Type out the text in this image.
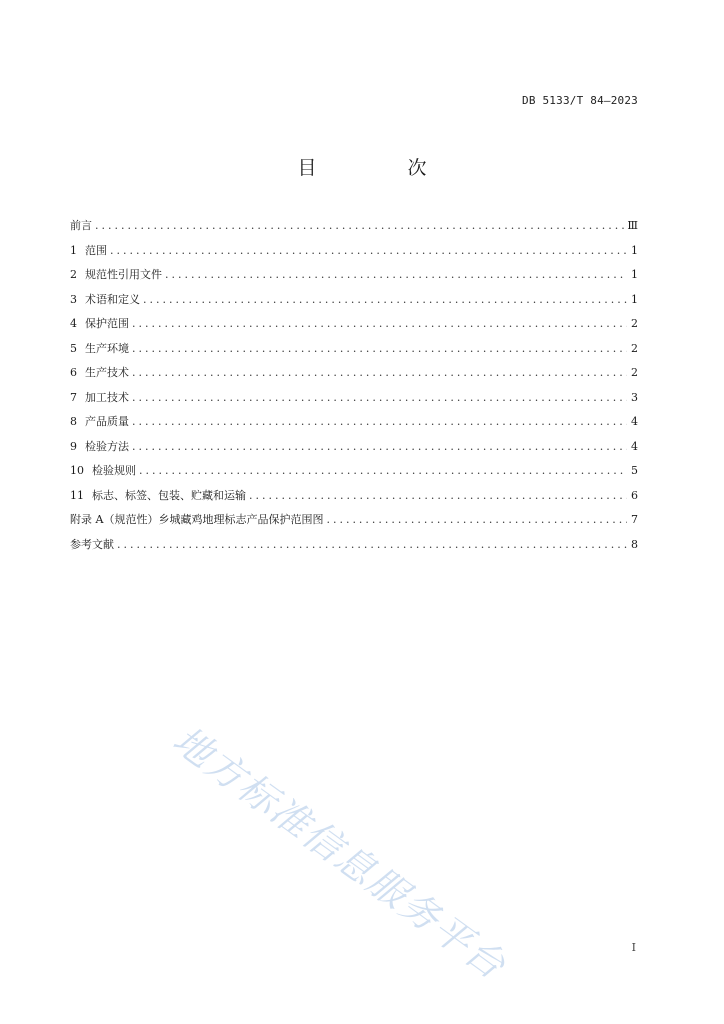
DB 5133/T 84—2023
目　次
前言 .....	Ⅲ
1 范围 .....	1
2 规范性引用文件 .....	1
3 术语和定义 .....	1
4 保护范围 .....	2
5 生产环境 .....	2
6 生产技术 .....	2
7 加工技术 .....	3
8 产品质量 .....	4
9 检验方法 .....	4
10 检验规则 .....	5
11 标志、标签、包装、贮藏和运输 .....	6
附录 A（规范性）乡城藏鸡地理标志产品保护范围图 .....	7
参考文献 .....	8
地方标准信息服务平台	I
